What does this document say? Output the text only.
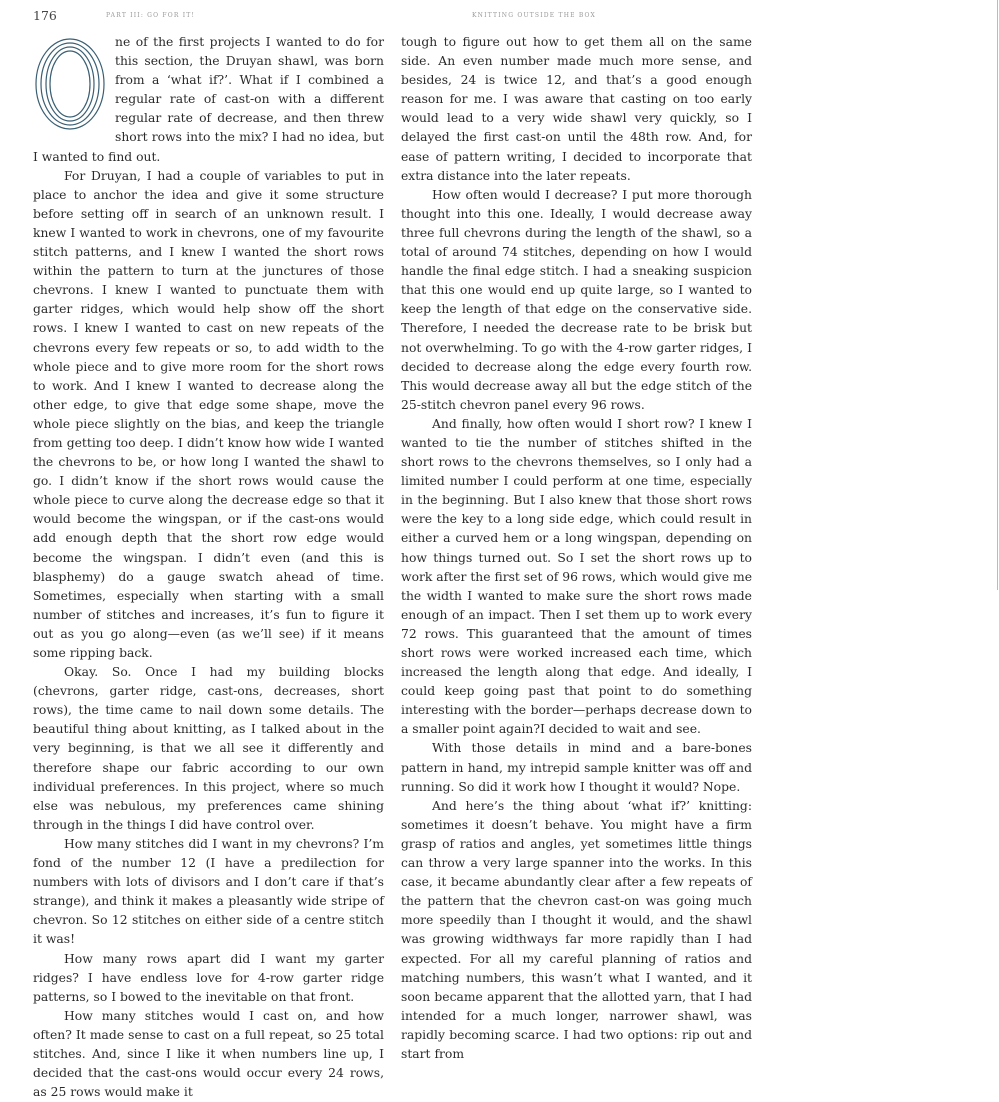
176	PART III: GO FOR IT!	KNITTING OUTSIDE THE BOX

ne of the first projects I wanted to do for this section, the Druyan shawl, was born from a ‘what if?’. What if I combined a regular rate of cast-on with a different regular rate of decrease, and then threw short rows into the mix? I had no idea, but I wanted to find out.

For Druyan, I had a couple of variables to put in place to anchor the idea and give it some structure before setting off in search of an unknown result. I knew I wanted to work in chevrons, one of my favourite stitch patterns, and I knew I wanted the short rows within the pattern to turn at the junctures of those chevrons. I knew I wanted to punctuate them with garter ridges, which would help show off the short rows. I knew I wanted to cast on new repeats of the chevrons every few repeats or so, to add width to the whole piece and to give more room for the short rows to work. And I knew I wanted to decrease along the other edge, to give that edge some shape, move the whole piece slightly on the bias, and keep the triangle from getting too deep. I didn’t know how wide I wanted the chevrons to be, or how long I wanted the shawl to go. I didn’t know if the short rows would cause the whole piece to curve along the decrease edge so that it would become the wingspan, or if the cast-ons would add enough depth that the short row edge would become the wingspan. I didn’t even (and this is blasphemy) do a gauge swatch ahead of time. Sometimes, especially when starting with a small number of stitches and increases, it’s fun to figure it out as you go along—even (as we’ll see) if it means some ripping back.

Okay. So. Once I had my building blocks (chevrons, garter ridge, cast-ons, decreases, short rows), the time came to nail down some details. The beautiful thing about knitting, as I talked about in the very beginning, is that we all see it differently and therefore shape our fabric according to our own individual preferences. In this project, where so much else was nebulous, my preferences came shining through in the things I did have control over.

How many stitches did I want in my chevrons? I’m fond of the number 12 (I have a predilection for numbers with lots of divisors and I don’t care if that’s strange), and think it makes a pleasantly wide stripe of chevron. So 12 stitches on either side of a centre stitch it was!

How many rows apart did I want my garter ridges? I have endless love for 4-row garter ridge patterns, so I bowed to the inevitable on that front.

How many stitches would I cast on, and how often? It made sense to cast on a full repeat, so 25 total stitches. And, since I like it when numbers line up, I decided that the cast-ons would occur every 24 rows, as 25 rows would make it

tough to figure out how to get them all on the same side. An even number made much more sense, and besides, 24 is twice 12, and that’s a good enough reason for me. I was aware that casting on too early would lead to a very wide shawl very quickly, so I delayed the first cast-on until the 48th row. And, for ease of pattern writing, I decided to incorporate that extra distance into the later repeats.

How often would I decrease? I put more thorough thought into this one. Ideally, I would decrease away three full chevrons during the length of the shawl, so a total of around 74 stitches, depending on how I would handle the final edge stitch. I had a sneaking suspicion that this one would end up quite large, so I wanted to keep the length of that edge on the conservative side. Therefore, I needed the decrease rate to be brisk but not overwhelming. To go with the 4-row garter ridges, I decided to decrease along the edge every fourth row. This would decrease away all but the edge stitch of the 25-stitch chevron panel every 96 rows.

And finally, how often would I short row? I knew I wanted to tie the number of stitches shifted in the short rows to the chevrons themselves, so I only had a limited number I could perform at one time, especially in the beginning. But I also knew that those short rows were the key to a long side edge, which could result in either a curved hem or a long wingspan, depending on how things turned out. So I set the short rows up to work after the first set of 96 rows, which would give me the width I wanted to make sure the short rows made enough of an impact. Then I set them up to work every 72 rows. This guaranteed that the amount of times short rows were worked increased each time, which increased the length along that edge. And ideally, I could keep going past that point to do something interesting with the border—perhaps decrease down to a smaller point again?I decided to wait and see.

With those details in mind and a bare-bones pattern in hand, my intrepid sample knitter was off and running. So did it work how I thought it would? Nope.

And here’s the thing about ‘what if?’ knitting: sometimes it doesn’t behave. You might have a firm grasp of ratios and angles, yet sometimes little things can throw a very large spanner into the works. In this case, it became abundantly clear after a few repeats of the pattern that the chevron cast-on was going much more speedily than I thought it would, and the shawl was growing widthways far more rapidly than I had expected. For all my careful planning of ratios and matching numbers, this wasn’t what I wanted, and it soon became apparent that the allotted yarn, that I had intended for a much longer, narrower shawl, was rapidly becoming scarce. I had two options: rip out and start from
